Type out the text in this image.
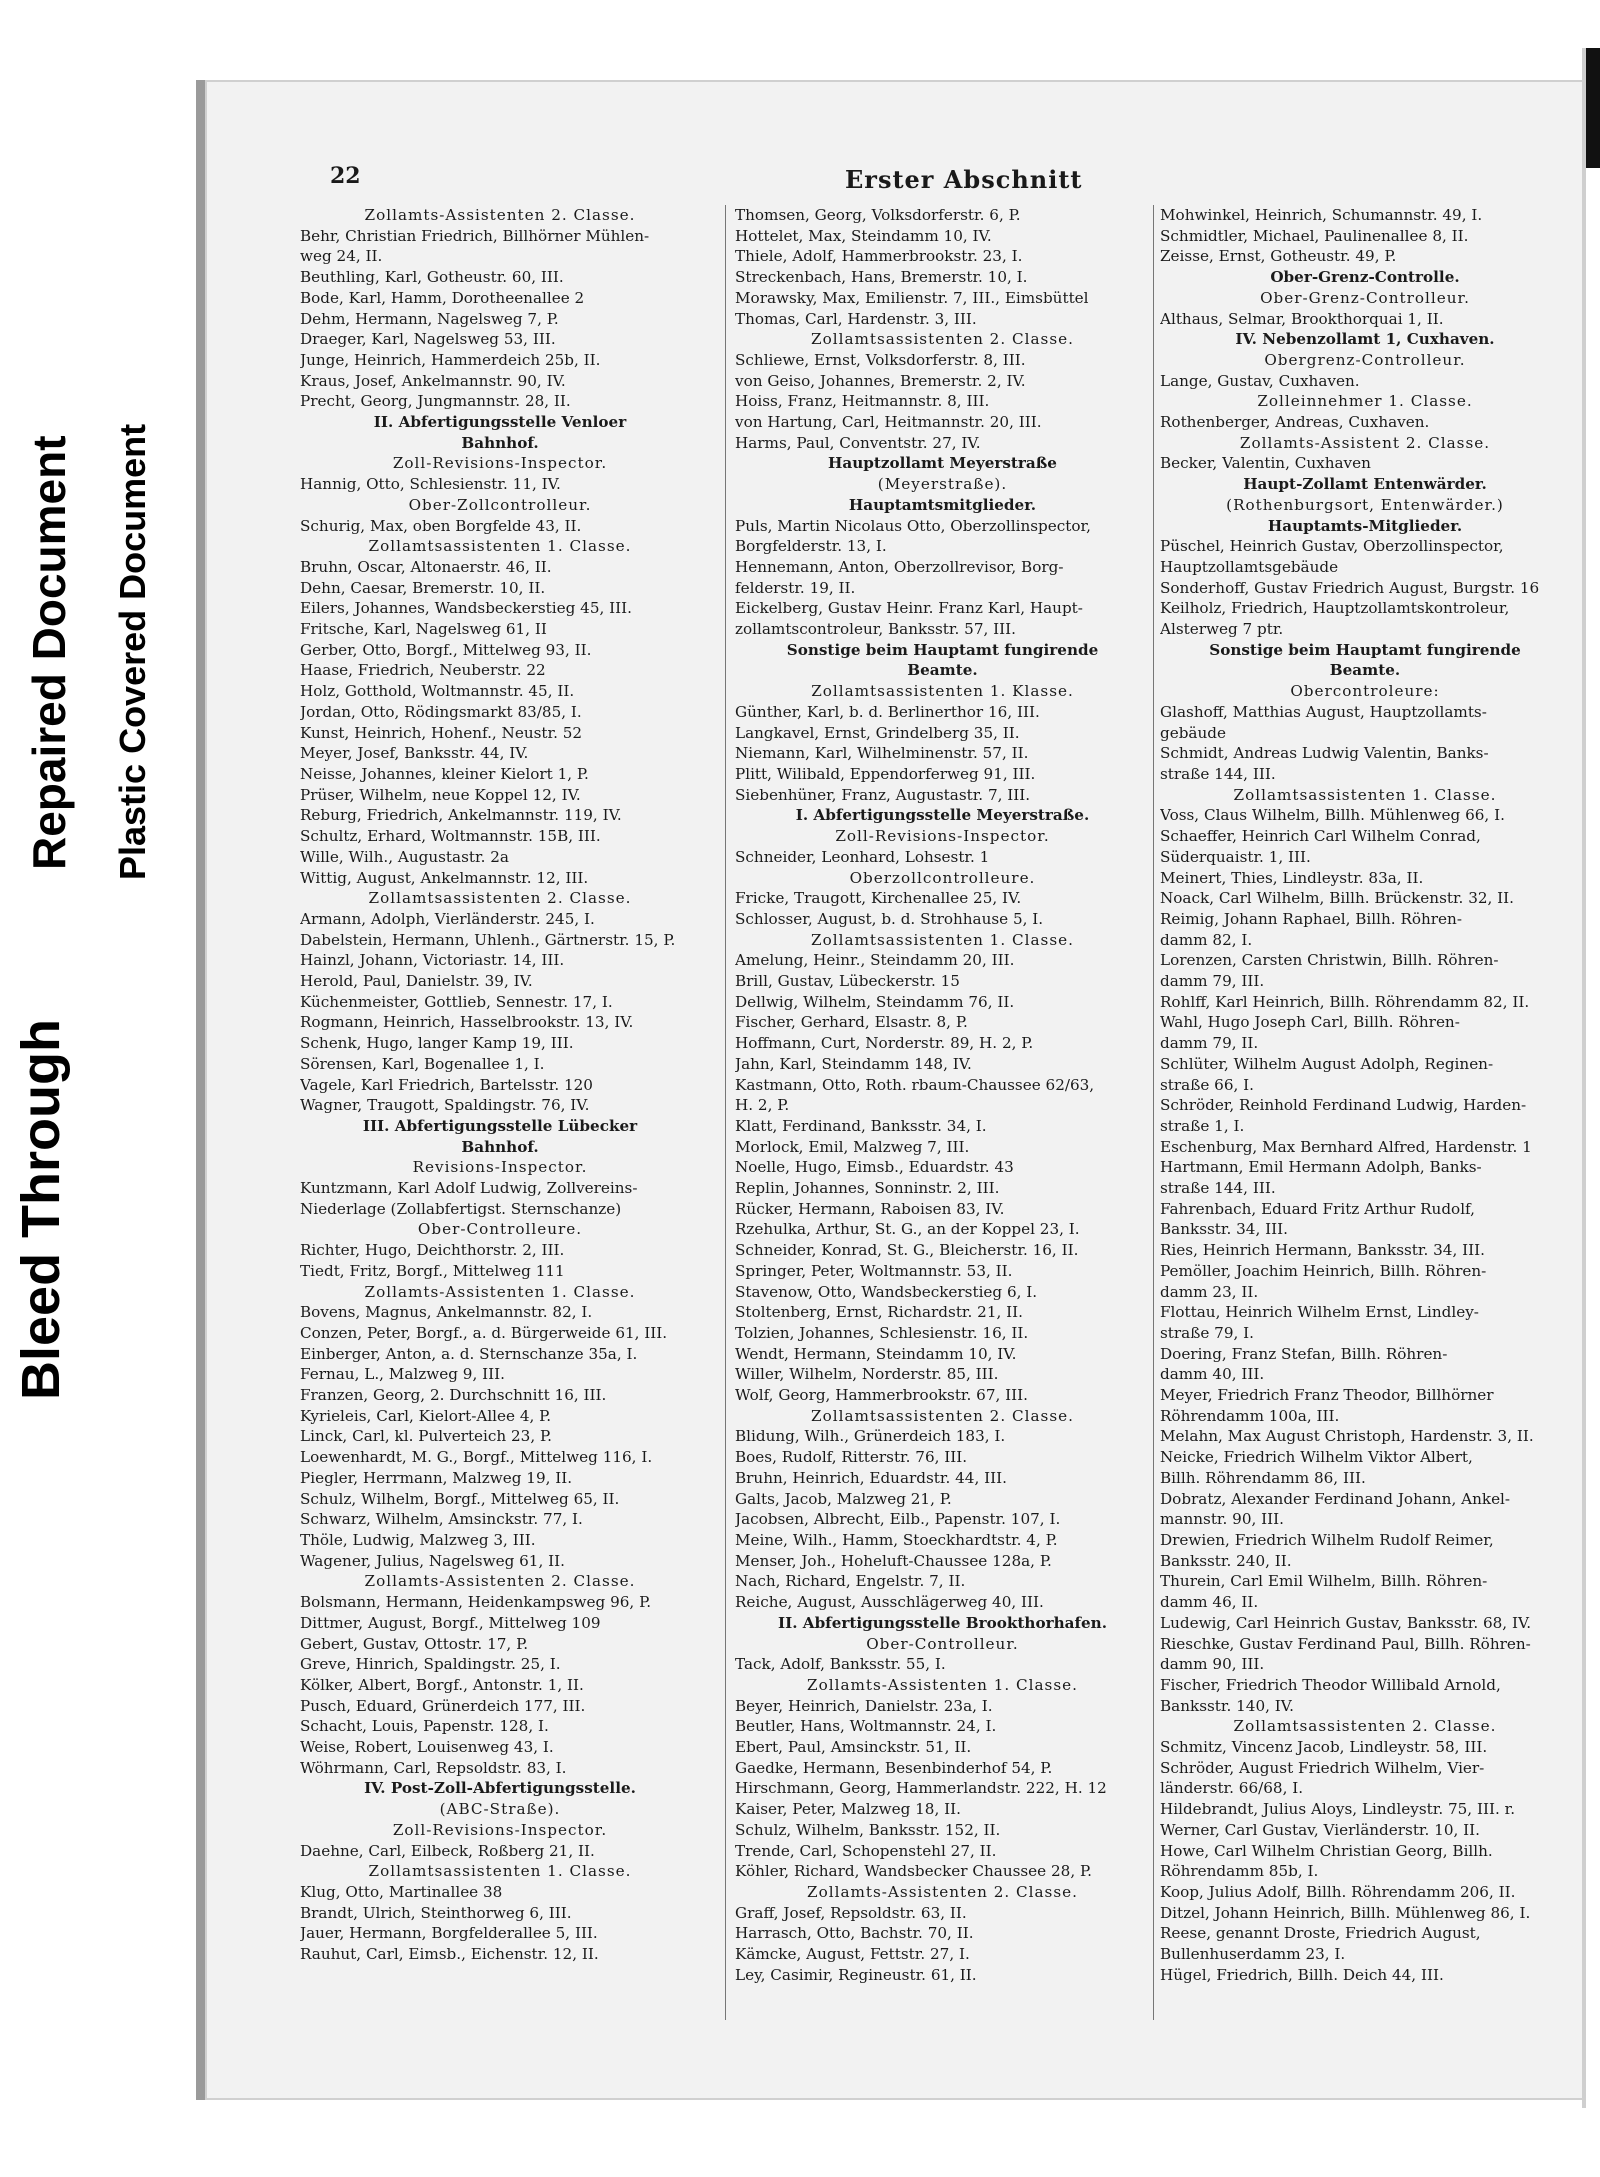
Bleed Through
Repaired Document Plastic Covered Document
22	Erster Abschnitt
Zollamts-Assistenten 2. Classe.
Behr, Christian Friedrich, Billhörner Mühlen-
weg 24, II.
Beuthling, Karl, Gotheustr. 60, III.
Bode, Karl, Hamm, Dorotheenallee 2
Dehm, Hermann, Nagelsweg 7, P.
Draeger, Karl, Nagelsweg 53, III.
Junge, Heinrich, Hammerdeich 25b, II.
Kraus, Josef, Ankelmannstr. 90, IV.
Precht, Georg, Jungmannstr. 28, II.
II. Abfertigungsstelle Venloer
Bahnhof.
Zoll-Revisions-Inspector.
Hannig, Otto, Schlesienstr. 11, IV.
Ober-Zollcontrolleur.
Schurig, Max, oben Borgfelde 43, II.
Zollamtsassistenten 1. Classe.
Bruhn, Oscar, Altonaerstr. 46, II.
Dehn, Caesar, Bremerstr. 10, II.
Eilers, Johannes, Wandsbeckerstieg 45, III.
Fritsche, Karl, Nagelsweg 61, II
Gerber, Otto, Borgf., Mittelweg 93, II.
Haase, Friedrich, Neuberstr. 22
Holz, Gotthold, Woltmannstr. 45, II.
Jordan, Otto, Rödingsmarkt 83/85, I.
Kunst, Heinrich, Hohenf., Neustr. 52
Meyer, Josef, Banksstr. 44, IV.
Neisse, Johannes, kleiner Kielort 1, P.
Prüser, Wilhelm, neue Koppel 12, IV.
Reburg, Friedrich, Ankelmannstr. 119, IV.
Schultz, Erhard, Woltmannstr. 15B, III.
Wille, Wilh., Augustastr. 2a
Wittig, August, Ankelmannstr. 12, III.
Zollamtsassistenten 2. Classe.
Armann, Adolph, Vierländerstr. 245, I.
Dabelstein, Hermann, Uhlenh., Gärtnerstr. 15, P.
Hainzl, Johann, Victoriastr. 14, III.
Herold, Paul, Danielstr. 39, IV.
Küchenmeister, Gottlieb, Sennestr. 17, I.
Rogmann, Heinrich, Hasselbrookstr. 13, IV.
Schenk, Hugo, langer Kamp 19, III.
Sörensen, Karl, Bogenallee 1, I.
Vagele, Karl Friedrich, Bartelsstr. 120
Wagner, Traugott, Spaldingstr. 76, IV.
III. Abfertigungsstelle Lübecker
Bahnhof.
Revisions-Inspector.
Kuntzmann, Karl Adolf Ludwig, Zollvereins-
Niederlage (Zollabfertigst. Sternschanze)
Ober-Controlleure.
Richter, Hugo, Deichthorstr. 2, III.
Tiedt, Fritz, Borgf., Mittelweg 111
Zollamts-Assistenten 1. Classe.
Bovens, Magnus, Ankelmannstr. 82, I.
Conzen, Peter, Borgf., a. d. Bürgerweide 61, III.
Einberger, Anton, a. d. Sternschanze 35a, I.
Fernau, L., Malzweg 9, III.
Franzen, Georg, 2. Durchschnitt 16, III.
Kyrieleis, Carl, Kielort-Allee 4, P.
Linck, Carl, kl. Pulverteich 23, P.
Loewenhardt, M. G., Borgf., Mittelweg 116, I.
Piegler, Herrmann, Malzweg 19, II.
Schulz, Wilhelm, Borgf., Mittelweg 65, II.
Schwarz, Wilhelm, Amsinckstr. 77, I.
Thöle, Ludwig, Malzweg 3, III.
Wagener, Julius, Nagelsweg 61, II.
Zollamts-Assistenten 2. Classe.
Bolsmann, Hermann, Heidenkampsweg 96, P.
Dittmer, August, Borgf., Mittelweg 109
Gebert, Gustav, Ottostr. 17, P.
Greve, Hinrich, Spaldingstr. 25, I.
Kölker, Albert, Borgf., Antonstr. 1, II.
Pusch, Eduard, Grünerdeich 177, III.
Schacht, Louis, Papenstr. 128, I.
Weise, Robert, Louisenweg 43, I.
Wöhrmann, Carl, Repsoldstr. 83, I.
IV. Post-Zoll-Abfertigungsstelle.
(ABC-Straße).
Zoll-Revisions-Inspector.
Daehne, Carl, Eilbeck, Roßberg 21, II.
Zollamtsassistenten 1. Classe.
Klug, Otto, Martinallee 38
Brandt, Ulrich, Steinthorweg 6, III.
Jauer, Hermann, Borgfelderallee 5, III.
Rauhut, Carl, Eimsb., Eichenstr. 12, II.
Thomsen, Georg, Volksdorferstr. 6, P.
Hottelet, Max, Steindamm 10, IV.
Thiele, Adolf, Hammerbrookstr. 23, I.
Streckenbach, Hans, Bremerstr. 10, I.
Morawsky, Max, Emilienstr. 7, III., Eimsbüttel
Thomas, Carl, Hardenstr. 3, III.
Zollamtsassistenten 2. Classe.
Schliewe, Ernst, Volksdorferstr. 8, III.
von Geiso, Johannes, Bremerstr. 2, IV.
Hoiss, Franz, Heitmannstr. 8, III.
von Hartung, Carl, Heitmannstr. 20, III.
Harms, Paul, Conventstr. 27, IV.
Hauptzollamt Meyerstraße
(Meyerstraße).
Hauptamtsmitglieder.
Puls, Martin Nicolaus Otto, Oberzollinspector,
Borgfelderstr. 13, I.
Hennemann, Anton, Oberzollrevisor, Borg-
felderstr. 19, II.
Eickelberg, Gustav Heinr. Franz Karl, Haupt-
zollamtscontroleur, Banksstr. 57, III.
Sonstige beim Hauptamt fungirende
Beamte.
Zollamtsassistenten 1. Klasse.
Günther, Karl, b. d. Berlinerthor 16, III.
Langkavel, Ernst, Grindelberg 35, II.
Niemann, Karl, Wilhelminenstr. 57, II.
Plitt, Wilibald, Eppendorferweg 91, III.
Siebenhüner, Franz, Augustastr. 7, III.
I. Abfertigungsstelle Meyerstraße.
Zoll-Revisions-Inspector.
Schneider, Leonhard, Lohsestr. 1
Oberzollcontrolleure.
Fricke, Traugott, Kirchenallee 25, IV.
Schlosser, August, b. d. Strohhause 5, I.
Zollamtsassistenten 1. Classe.
Amelung, Heinr., Steindamm 20, III.
Brill, Gustav, Lübeckerstr. 15
Dellwig, Wilhelm, Steindamm 76, II.
Fischer, Gerhard, Elsastr. 8, P.
Hoffmann, Curt, Norderstr. 89, H. 2, P.
Jahn, Karl, Steindamm 148, IV.
Kastmann, Otto, Roth. rbaum-Chaussee 62/63,
H. 2, P.
Klatt, Ferdinand, Banksstr. 34, I.
Morlock, Emil, Malzweg 7, III.
Noelle, Hugo, Eimsb., Eduardstr. 43
Replin, Johannes, Sonninstr. 2, III.
Rücker, Hermann, Raboisen 83, IV.
Rzehulka, Arthur, St. G., an der Koppel 23, I.
Schneider, Konrad, St. G., Bleicherstr. 16, II.
Springer, Peter, Woltmannstr. 53, II.
Stavenow, Otto, Wandsbeckerstieg 6, I.
Stoltenberg, Ernst, Richardstr. 21, II.
Tolzien, Johannes, Schlesienstr. 16, II.
Wendt, Hermann, Steindamm 10, IV.
Willer, Wilhelm, Norderstr. 85, III.
Wolf, Georg, Hammerbrookstr. 67, III.
Zollamtsassistenten 2. Classe.
Blidung, Wilh., Grünerdeich 183, I.
Boes, Rudolf, Ritterstr. 76, III.
Bruhn, Heinrich, Eduardstr. 44, III.
Galts, Jacob, Malzweg 21, P.
Jacobsen, Albrecht, Eilb., Papenstr. 107, I.
Meine, Wilh., Hamm, Stoeckhardtstr. 4, P.
Menser, Joh., Hoheluft-Chaussee 128a, P.
Nach, Richard, Engelstr. 7, II.
Reiche, August, Ausschlägerweg 40, III.
II. Abfertigungsstelle Brookthorhafen.
Ober-Controlleur.
Tack, Adolf, Banksstr. 55, I.
Zollamts-Assistenten 1. Classe.
Beyer, Heinrich, Danielstr. 23a, I.
Beutler, Hans, Woltmannstr. 24, I.
Ebert, Paul, Amsinckstr. 51, II.
Gaedke, Hermann, Besenbinderhof 54, P.
Hirschmann, Georg, Hammerlandstr. 222, H. 12
Kaiser, Peter, Malzweg 18, II.
Schulz, Wilhelm, Banksstr. 152, II.
Trende, Carl, Schopenstehl 27, II.
Köhler, Richard, Wandsbecker Chaussee 28, P.
Zollamts-Assistenten 2. Classe.
Graff, Josef, Repsoldstr. 63, II.
Harrasch, Otto, Bachstr. 70, II.
Kämcke, August, Fettstr. 27, I.
Ley, Casimir, Regineustr. 61, II.
Mohwinkel, Heinrich, Schumannstr. 49, I.
Schmidtler, Michael, Paulinenallee 8, II.
Zeisse, Ernst, Gotheustr. 49, P.
Ober-Grenz-Controlle.
Ober-Grenz-Controlleur.
Althaus, Selmar, Brookthorquai 1, II.
IV. Nebenzollamt 1, Cuxhaven.
Obergrenz-Controlleur.
Lange, Gustav, Cuxhaven.
Zolleinnehmer 1. Classe.
Rothenberger, Andreas, Cuxhaven.
Zollamts-Assistent 2. Classe.
Becker, Valentin, Cuxhaven
Haupt-Zollamt Entenwärder.
(Rothenburgsort, Entenwärder.)
Hauptamts-Mitglieder.
Püschel, Heinrich Gustav, Oberzollinspector,
Hauptzollamtsgebäude
Sonderhoff, Gustav Friedrich August, Burgstr. 16
Keilholz, Friedrich, Hauptzollamtskontroleur,
Alsterweg 7 ptr.
Sonstige beim Hauptamt fungirende
Beamte.
Obercontroleure:
Glashoff, Matthias August, Hauptzollamts-
gebäude
Schmidt, Andreas Ludwig Valentin, Banks-
straße 144, III.
Zollamtsassistenten 1. Classe.
Voss, Claus Wilhelm, Billh. Mühlenweg 66, I.
Schaeffer, Heinrich Carl Wilhelm Conrad,
Süderquaistr. 1, III.
Meinert, Thies, Lindleystr. 83a, II.
Noack, Carl Wilhelm, Billh. Brückenstr. 32, II.
Reimig, Johann Raphael, Billh. Röhren-
damm 82, I.
Lorenzen, Carsten Christwin, Billh. Röhren-
damm 79, III.
Rohlff, Karl Heinrich, Billh. Röhrendamm 82, II.
Wahl, Hugo Joseph Carl, Billh. Röhren-
damm 79, II.
Schlüter, Wilhelm August Adolph, Reginen-
straße 66, I.
Schröder, Reinhold Ferdinand Ludwig, Harden-
straße 1, I.
Eschenburg, Max Bernhard Alfred, Hardenstr. 1
Hartmann, Emil Hermann Adolph, Banks-
straße 144, III.
Fahrenbach, Eduard Fritz Arthur Rudolf,
Banksstr. 34, III.
Ries, Heinrich Hermann, Banksstr. 34, III.
Pemöller, Joachim Heinrich, Billh. Röhren-
damm 23, II.
Flottau, Heinrich Wilhelm Ernst, Lindley-
straße 79, I.
Doering, Franz Stefan, Billh. Röhren-
damm 40, III.
Meyer, Friedrich Franz Theodor, Billhörner
Röhrendamm 100a, III.
Melahn, Max August Christoph, Hardenstr. 3, II.
Neicke, Friedrich Wilhelm Viktor Albert,
Billh. Röhrendamm 86, III.
Dobratz, Alexander Ferdinand Johann, Ankel-
mannstr. 90, III.
Drewien, Friedrich Wilhelm Rudolf Reimer,
Banksstr. 240, II.
Thurein, Carl Emil Wilhelm, Billh. Röhren-
damm 46, II.
Ludewig, Carl Heinrich Gustav, Banksstr. 68, IV.
Rieschke, Gustav Ferdinand Paul, Billh. Röhren-
damm 90, III.
Fischer, Friedrich Theodor Willibald Arnold,
Banksstr. 140, IV.
Zollamtsassistenten 2. Classe.
Schmitz, Vincenz Jacob, Lindleystr. 58, III.
Schröder, August Friedrich Wilhelm, Vier-
länderstr. 66/68, I.
Hildebrandt, Julius Aloys, Lindleystr. 75, III. r.
Werner, Carl Gustav, Vierländerstr. 10, II.
Howe, Carl Wilhelm Christian Georg, Billh.
Röhrendamm 85b, I.
Koop, Julius Adolf, Billh. Röhrendamm 206, II.
Ditzel, Johann Heinrich, Billh. Mühlenweg 86, I.
Reese, genannt Droste, Friedrich August,
Bullenhuserdamm 23, I.
Hügel, Friedrich, Billh. Deich 44, III.
